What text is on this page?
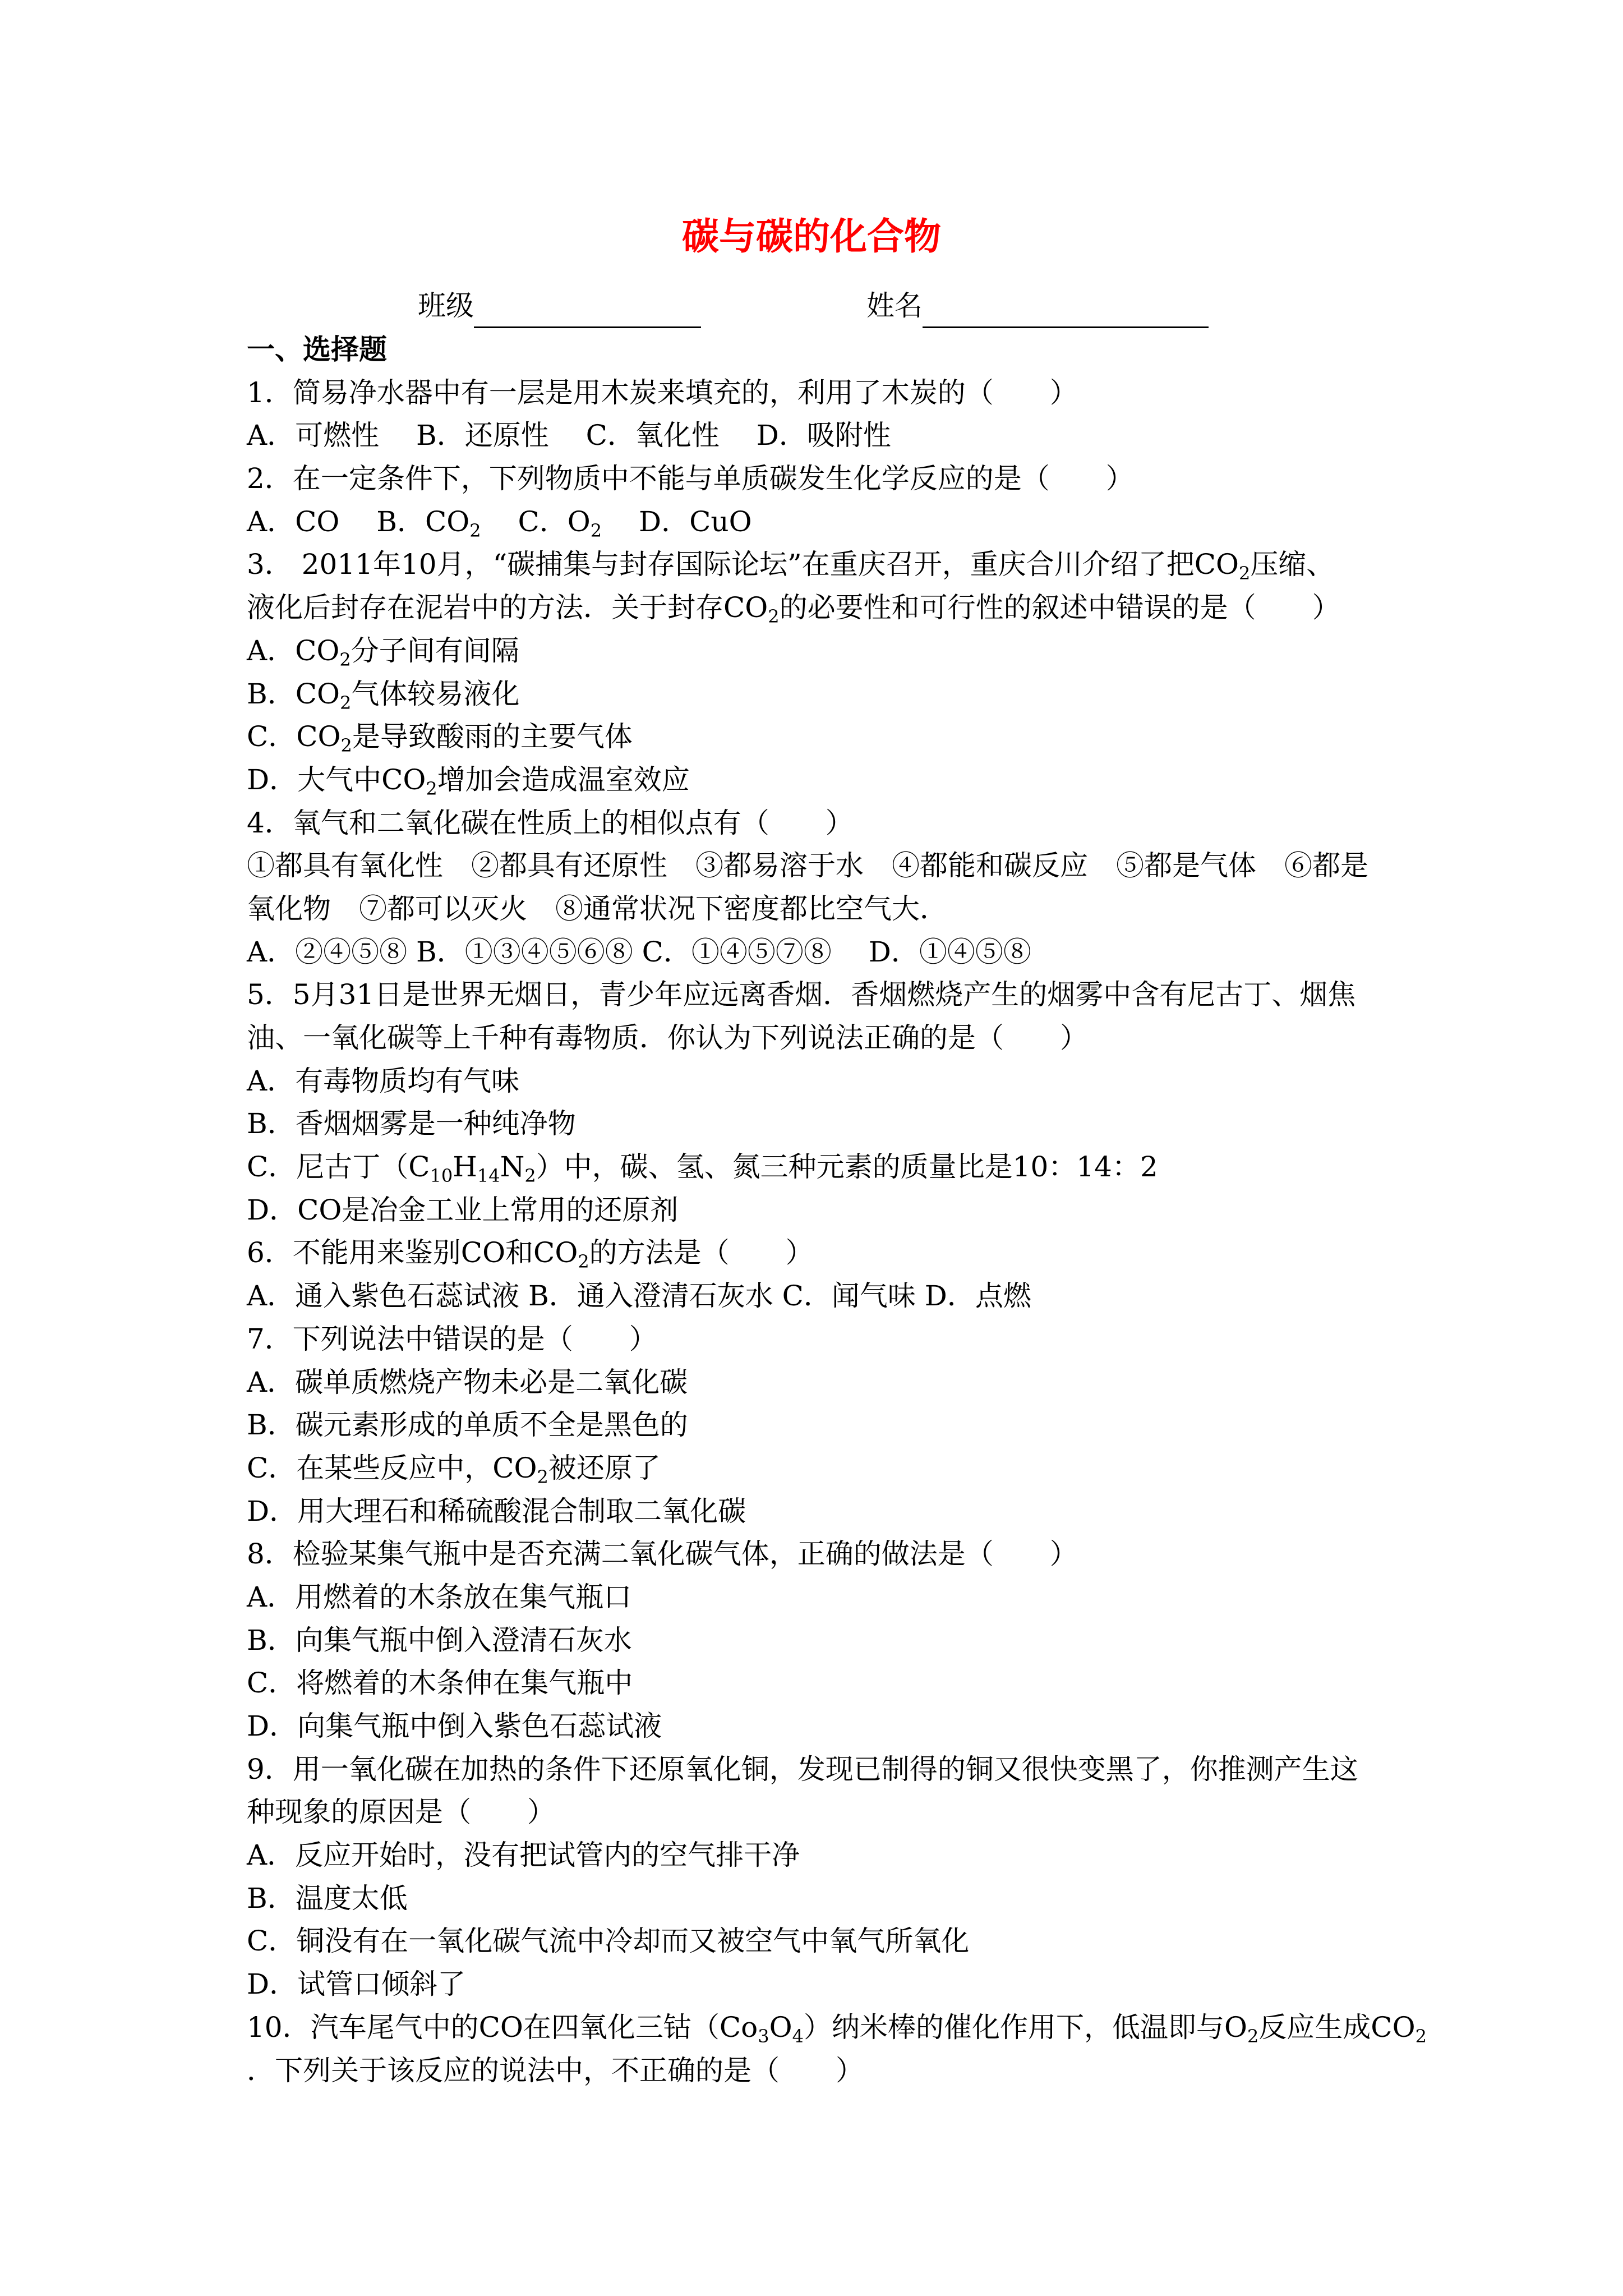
碳与碳的化合物
班级	姓名
一、选择题
1．简易净水器中有一层是用木炭来填充的，利用了木炭的（　　）
A．可燃性　 B．还原性　 C．氧化性　 D．吸附性
2．在一定条件下，下列物质中不能与单质碳发生化学反应的是（　　）
A．CO　 B．$CO_2$　 C．$O_2$　 D．CuO
3． 2011年10月，“碳捕集与封存国际论坛”在重庆召开，重庆合川介绍了把$CO_2$压缩、
液化后封存在泥岩中的方法．关于封存$CO_2$的必要性和可行性的叙述中错误的是（　　）
A．$CO_2$分子间有间隔
B．$CO_2$气体较易液化
C．$CO_2$是导致酸雨的主要气体
D．大气中$CO_2$增加会造成温室效应
4．氧气和二氧化碳在性质上的相似点有（　　）
①都具有氧化性　②都具有还原性　③都易溶于水　④都能和碳反应　⑤都是气体　⑥都是
氧化物　⑦都可以灭火　⑧通常状况下密度都比空气大．
A．②④⑤⑧ B．①③④⑤⑥⑧ C．①④⑤⑦⑧　 D．①④⑤⑧
5．5月31日是世界无烟日，青少年应远离香烟．香烟燃烧产生的烟雾中含有尼古丁、烟焦
油、一氧化碳等上千种有毒物质．你认为下列说法正确的是（　　）
A．有毒物质均有气味
B．香烟烟雾是一种纯净物
C．尼古丁$(C_{10}H_{14}N_2)$中，碳、氢、氮三种元素的质量比是10：14：2
D．CO是冶金工业上常用的还原剂
6．不能用来鉴别CO和$CO_2$的方法是（　　）
A．通入紫色石蕊试液 B．通入澄清石灰水 C．闻气味 D．点燃
7．下列说法中错误的是（　　）
A．碳单质燃烧产物未必是二氧化碳
B．碳元素形成的单质不全是黑色的
C．在某些反应中，$CO_2$被还原了
D．用大理石和稀硫酸混合制取二氧化碳
8．检验某集气瓶中是否充满二氧化碳气体，正确的做法是（　　）
A．用燃着的木条放在集气瓶口
B．向集气瓶中倒入澄清石灰水
C．将燃着的木条伸在集气瓶中
D．向集气瓶中倒入紫色石蕊试液
9．用一氧化碳在加热的条件下还原氧化铜，发现已制得的铜又很快变黑了，你推测产生这
种现象的原因是（　　）
A．反应开始时，没有把试管内的空气排干净
B．温度太低
C．铜没有在一氧化碳气流中冷却而又被空气中氧气所氧化
D．试管口倾斜了
10．汽车尾气中的CO在四氧化三钴$(Co_3O_4)$纳米棒的催化作用下，低温即与$O_2$反应生成$CO_2$
．下列关于该反应的说法中，不正确的是（　　）
